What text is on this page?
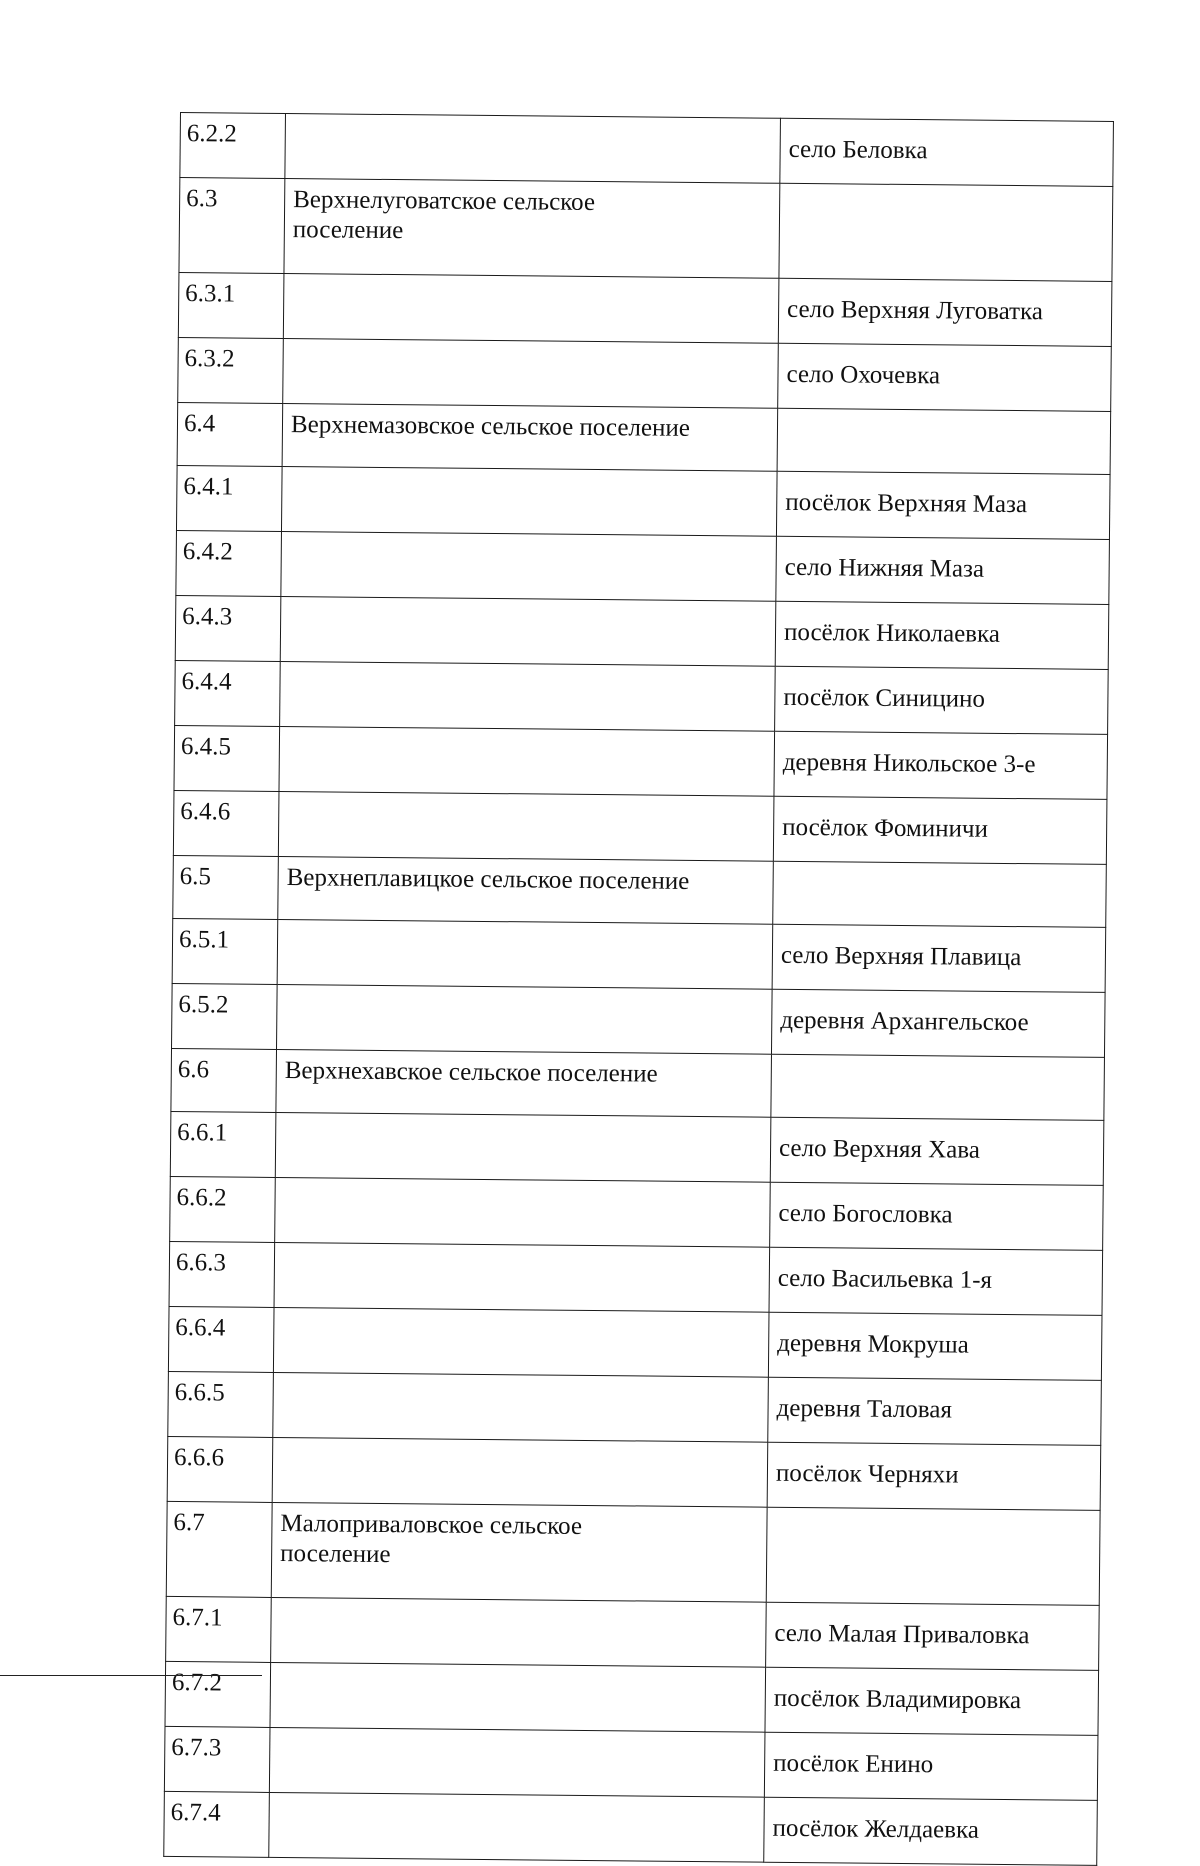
6.2.2		село Беловка
6.3	Верхнелуговатское сельское поселение	

6.3.1		село Верхняя Луговатка
6.3.2		село Охочевка
6.4	Верхнемазовское сельское поселение	
6.4.1		посёлок Верхняя Маза
6.4.2		село Нижняя Маза
6.4.3		посёлок Николаевка
6.4.4		посёлок Синицино
6.4.5		деревня Никольское 3-е
6.4.6		посёлок Фоминичи
6.5	Верхнеплавицкое сельское поселение	
6.5.1		село Верхняя Плавица
6.5.2		деревня Архангельское
6.6	Верхнехавское сельское поселение	
6.6.1		село Верхняя Хава
6.6.2		село Богословка
6.6.3		село Васильевка 1-я
6.6.4		деревня Мокруша
6.6.5		деревня Таловая
6.6.6		посёлок Черняхи
6.7	Малоприваловское сельское поселение	

6.7.1		село Малая Приваловка
6.7.2		посёлок Владимировка
6.7.3		посёлок Енино
6.7.4		посёлок Желдаевка
